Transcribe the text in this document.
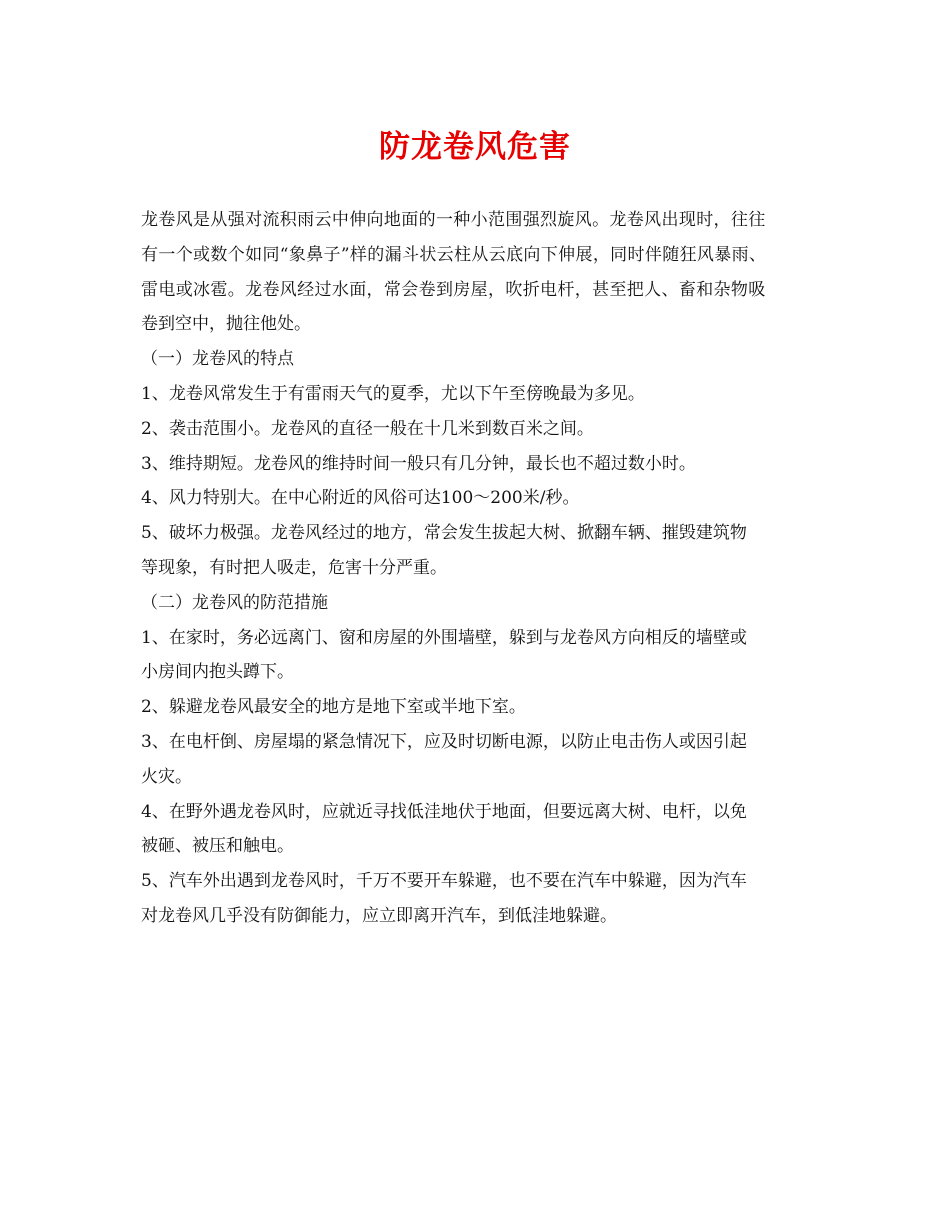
防龙卷风危害

龙卷风是从强对流积雨云中伸向地面的一种小范围强烈旋风。龙卷风出现时，往往

有一个或数个如同“象鼻子”样的漏斗状云柱从云底向下伸展，同时伴随狂风暴雨、

雷电或冰雹。龙卷风经过水面，常会卷到房屋，吹折电杆，甚至把人、畜和杂物吸

卷到空中，抛往他处。

（一）龙卷风的特点

1、龙卷风常发生于有雷雨天气的夏季，尤以下午至傍晚最为多见。

2、袭击范围小。龙卷风的直径一般在十几米到数百米之间。

3、维持期短。龙卷风的维持时间一般只有几分钟，最长也不超过数小时。

4、风力特别大。在中心附近的风俗可达100～200米/秒。

5、破坏力极强。龙卷风经过的地方，常会发生拔起大树、掀翻车辆、摧毁建筑物

等现象，有时把人吸走，危害十分严重。

（二）龙卷风的防范措施

1、在家时，务必远离门、窗和房屋的外围墙壁，躲到与龙卷风方向相反的墙壁或

小房间内抱头蹲下。

2、躲避龙卷风最安全的地方是地下室或半地下室。

3、在电杆倒、房屋塌的紧急情况下，应及时切断电源，以防止电击伤人或因引起

火灾。

4、在野外遇龙卷风时，应就近寻找低洼地伏于地面，但要远离大树、电杆，以免

被砸、被压和触电。

5、汽车外出遇到龙卷风时，千万不要开车躲避，也不要在汽车中躲避，因为汽车

对龙卷风几乎没有防御能力，应立即离开汽车，到低洼地躲避。
